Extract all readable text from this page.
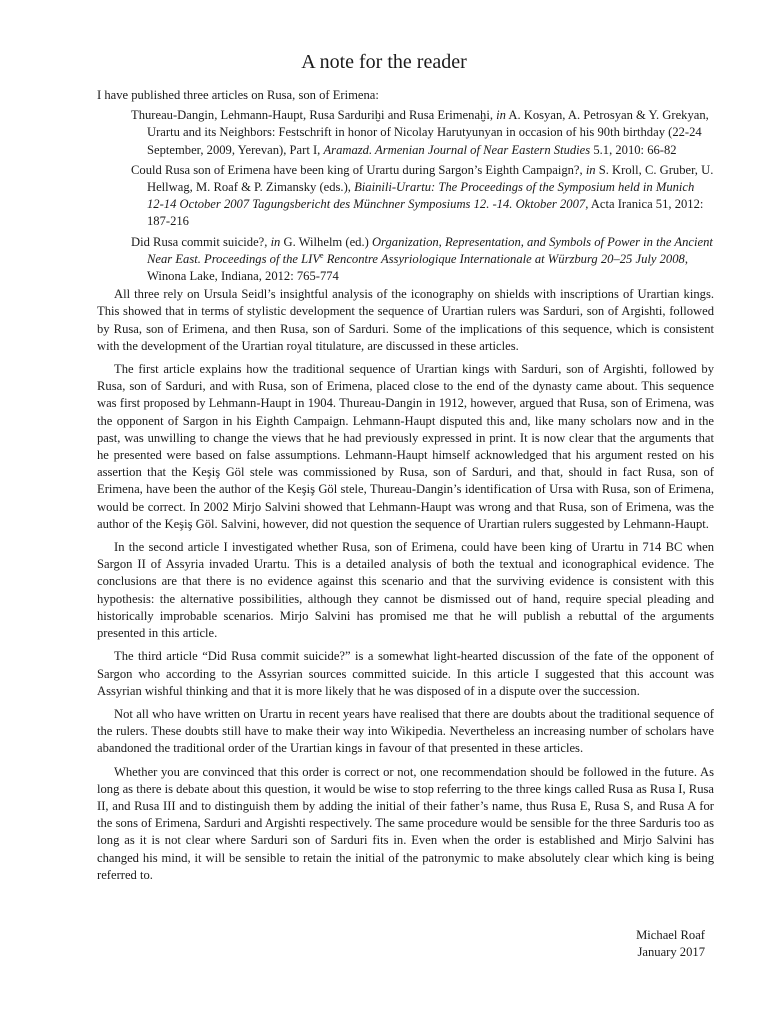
A note for the reader

I have published three articles on Rusa, son of Erimena:

Thureau-Dangin, Lehmann-Haupt, Rusa Sarduriḫi and Rusa Erimenaḫi, in A. Kosyan, A. Petrosyan & Y. Grekyan, Urartu and its Neighbors: Festschrift in honor of Nicolay Harutyunyan in occasion of his 90th birthday (22-24 September, 2009, Yerevan), Part I, Aramazd. Armenian Journal of Near Eastern Studies 5.1, 2010: 66-82
Could Rusa son of Erimena have been king of Urartu during Sargon’s Eighth Campaign?, in S. Kroll, C. Gruber, U. Hellwag, M. Roaf & P. Zimansky (eds.), Biainili-Urartu: The Proceedings of the Symposium held in Munich 12-14 October 2007 Tagungsbericht des Münchner Symposiums 12. -14. Oktober 2007, Acta Iranica 51, 2012: 187-216
Did Rusa commit suicide?, in G. Wilhelm (ed.) Organization, Representation, and Symbols of Power in the Ancient Near East. Proceedings of the LIVe Rencontre Assyriologique Internationale at Würzburg 20–25 July 2008, Winona Lake, Indiana, 2012: 765-774

All three rely on Ursula Seidl’s insightful analysis of the iconography on shields with inscriptions of Urartian kings. This showed that in terms of stylistic development the sequence of Urartian rulers was Sarduri, son of Argishti, followed by Rusa, son of Erimena, and then Rusa, son of Sarduri. Some of the implications of this sequence, which is consistent with the development of the Urartian royal titulature, are discussed in these articles.

The first article explains how the traditional sequence of Urartian kings with Sarduri, son of Argishti, followed by Rusa, son of Sarduri, and with Rusa, son of Erimena, placed close to the end of the dynasty came about. This sequence was first proposed by Lehmann-Haupt in 1904. Thureau-Dangin in 1912, however, argued that Rusa, son of Erimena, was the opponent of Sargon in his Eighth Campaign. Lehmann-Haupt disputed this and, like many scholars now and in the past, was unwilling to change the views that he had previously expressed in print. It is now clear that the arguments that he presented were based on false assumptions. Lehmann-Haupt himself acknowledged that his argument rested on his assertion that the Keşiş Göl stele was commissioned by Rusa, son of Sarduri, and that, should in fact Rusa, son of Erimena, have been the author of the Keşiş Göl stele, Thureau-Dangin’s identification of Ursa with Rusa, son of Erimena, would be correct. In 2002 Mirjo Salvini showed that Lehmann-Haupt was wrong and that Rusa, son of Erimena, was the author of the Keşiş Göl. Salvini, however, did not question the sequence of Urartian rulers suggested by Lehmann-Haupt.

In the second article I investigated whether Rusa, son of Erimena, could have been king of Urartu in 714 BC when Sargon II of Assyria invaded Urartu. This is a detailed analysis of both the textual and iconographical evidence. The conclusions are that there is no evidence against this scenario and that the surviving evidence is consistent with this hypothesis: the alternative possibilities, although they cannot be dismissed out of hand, require special pleading and historically improbable scenarios. Mirjo Salvini has promised me that he will publish a rebuttal of the arguments presented in this article.

The third article “Did Rusa commit suicide?” is a somewhat light-hearted discussion of the fate of the opponent of Sargon who according to the Assyrian sources committed suicide. In this article I suggested that this account was Assyrian wishful thinking and that it is more likely that he was disposed of in a dispute over the succession.

Not all who have written on Urartu in recent years have realised that there are doubts about the traditional sequence of the rulers. These doubts still have to make their way into Wikipedia. Nevertheless an increasing number of scholars have abandoned the traditional order of the Urartian kings in favour of that presented in these articles.

Whether you are convinced that this order is correct or not, one recommendation should be followed in the future. As long as there is debate about this question, it would be wise to stop referring to the three kings called Rusa as Rusa I, Rusa II, and Rusa III and to distinguish them by adding the initial of their father’s name, thus Rusa E, Rusa S, and Rusa A for the sons of Erimena, Sarduri and Argishti respectively. The same procedure would be sensible for the three Sarduris too as long as it is not clear where Sarduri son of Sarduri fits in. Even when the order is established and Mirjo Salvini has changed his mind, it will be sensible to retain the initial of the patronymic to make absolutely clear which king is being referred to.

Michael Roaf
January 2017
